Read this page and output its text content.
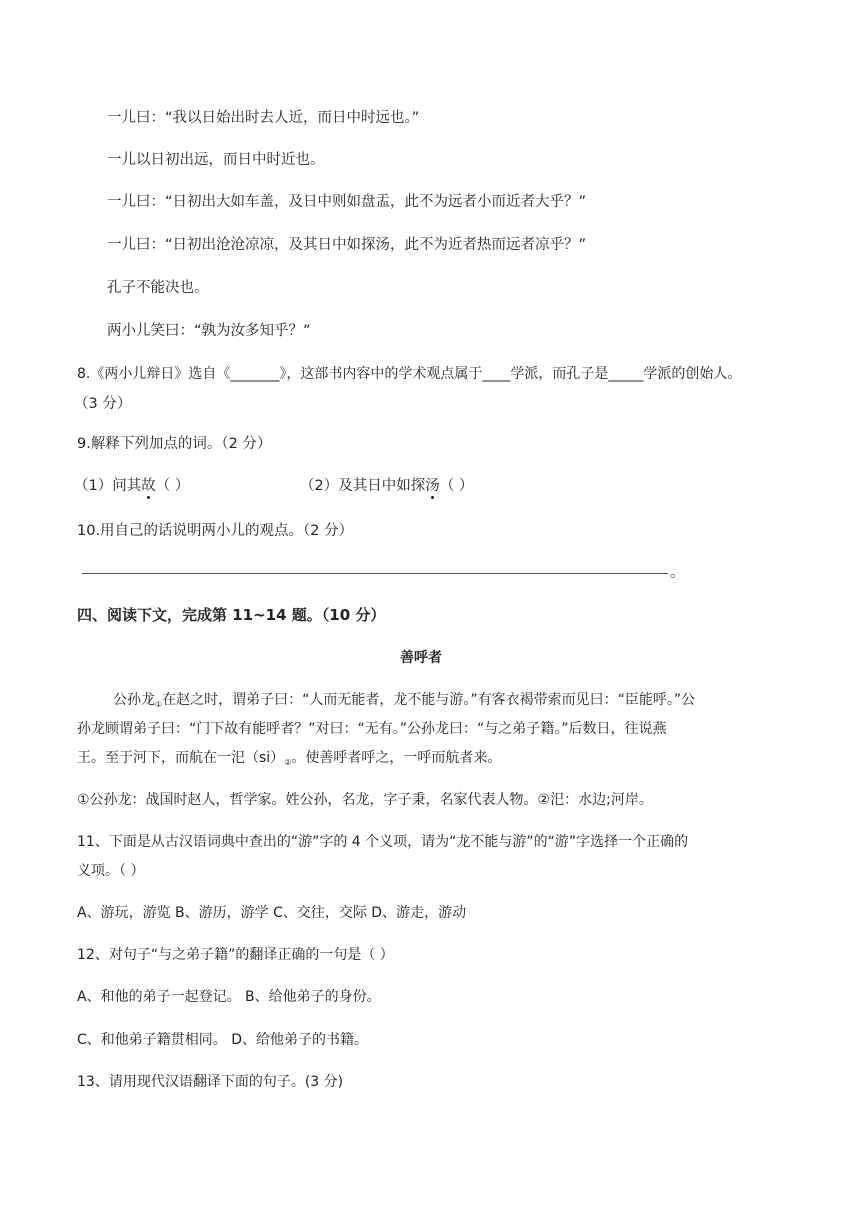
一儿曰：“我以日始出时去人近，而日中时远也。”
一儿以日初出远，而日中时近也。
一儿曰：“日初出大如车盖，及日中则如盘盂，此不为远者小而近者大乎？”
一儿曰：“日初出沧沧凉凉，及其日中如探汤，此不为近者热而远者凉乎？”
孔子不能决也。
两小儿笑曰：“孰为汝多知乎？”
8.《两小儿辩日》选自《_______》，这部书内容中的学术观点属于____学派，而孔子是_____学派的创始人。
（3 分）
9.解释下列加点的词。（2 分）
（1）问其故（ ）	（2）及其日中如探汤（ ）
10.用自己的话说明两小儿的观点。（2 分）
。
四、阅读下文，完成第 11~14 题。（10 分）
善呼者
公孙龙$_①$在赵之时，谓弟子曰：“人而无能者，龙不能与游。”有客衣褐带索而见曰：“臣能呼。”公
孙龙顾谓弟子曰：“门下故有能呼者？”对曰：“无有。”公孙龙曰：“与之弟子籍。”后数日，往说燕
王。至于河下，而航在一汜$(si)_②$。使善呼者呼之，一呼而航者来。
①公孙龙：战国时赵人，哲学家。姓公孙，名龙，字子秉，名家代表人物。②汜：水边;河岸。
11、下面是从古汉语词典中查出的“游”字的 4 个义项，请为“龙不能与游”的“游”字选择一个正确的
义项。（ ）
A、游玩，游览 B、游历，游学 C、交往，交际 D、游走，游动
12、对句子“与之弟子籍”的翻译正确的一句是（ ）
A、和他的弟子一起登记。 B、给他弟子的身份。
C、和他弟子籍贯相同。 D、给他弟子的书籍。
13、请用现代汉语翻译下面的句子。(3 分)
